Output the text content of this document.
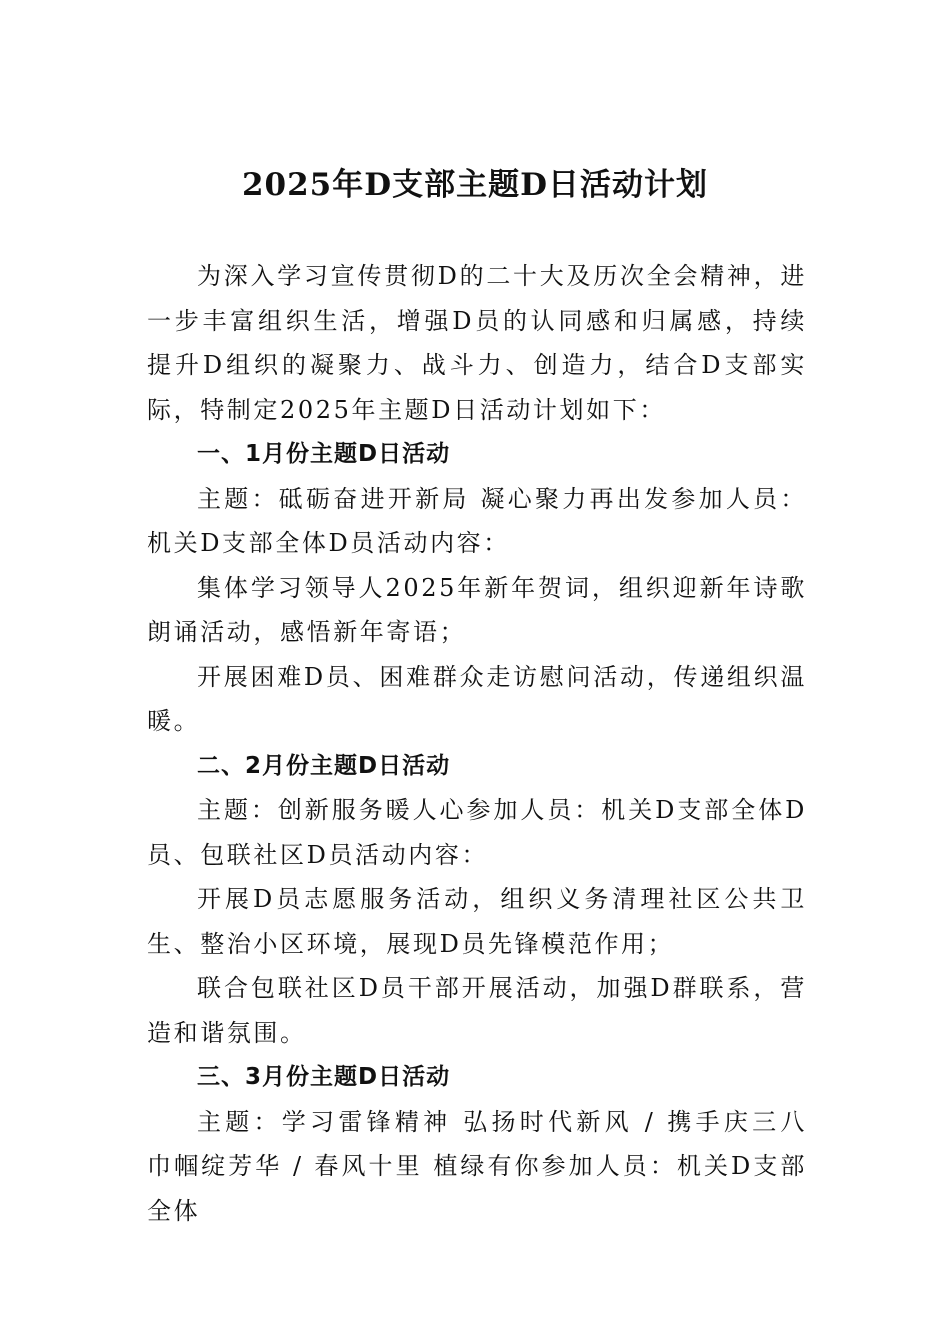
2025年D支部主题D日活动计划

为深入学习宣传贯彻D的二十大及历次全会精神，进一步丰富组织生活，增强D员的认同感和归属感，持续提升D组织的凝聚力、战斗力、创造力，结合D支部实际，特制定2025年主题D日活动计划如下：

一、1月份主题D日活动

主题：砥砺奋进开新局 凝心聚力再出发参加人员：机关D支部全体D员活动内容：

集体学习领导人2025年新年贺词，组织迎新年诗歌朗诵活动，感悟新年寄语；

开展困难D员、困难群众走访慰问活动，传递组织温暖。

二、2月份主题D日活动

主题：创新服务暖人心参加人员：机关D支部全体D员、包联社区D员活动内容：

开展D员志愿服务活动，组织义务清理社区公共卫生、整治小区环境，展现D员先锋模范作用；

联合包联社区D员干部开展活动，加强D群联系，营造和谐氛围。

三、3月份主题D日活动

主题：学习雷锋精神 弘扬时代新风 / 携手庆三八 巾帼绽芳华 / 春风十里 植绿有你参加人员：机关D支部全体
